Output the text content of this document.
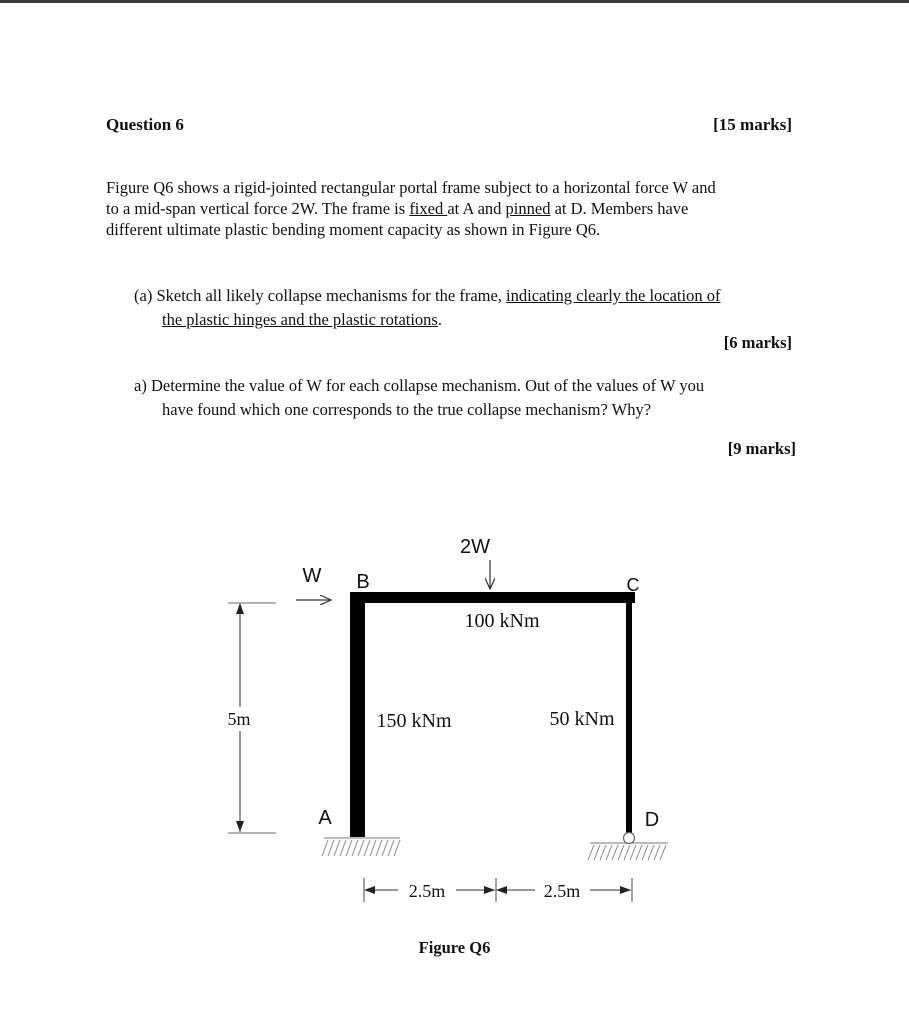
Question 6	[15 marks]

Figure Q6 shows a rigid-jointed rectangular portal frame subject to a horizontal force W and

to a mid-span vertical force 2W. The frame is fixed at A and pinned at D. Members have

different ultimate plastic bending moment capacity as shown in Figure Q6.

(a) Sketch all likely collapse mechanisms for the frame, indicating clearly the location of
the plastic hinges and the plastic rotations.
[6 marks]
a) Determine the value of W for each collapse mechanism. Out of the values of W you
have found which one corresponds to the true collapse mechanism? Why?
[9 marks]
2W
W B	C
A	D
100 kNm
150 kNm	50 kNm
5m
2.5m	2.5m
Figure Q6
